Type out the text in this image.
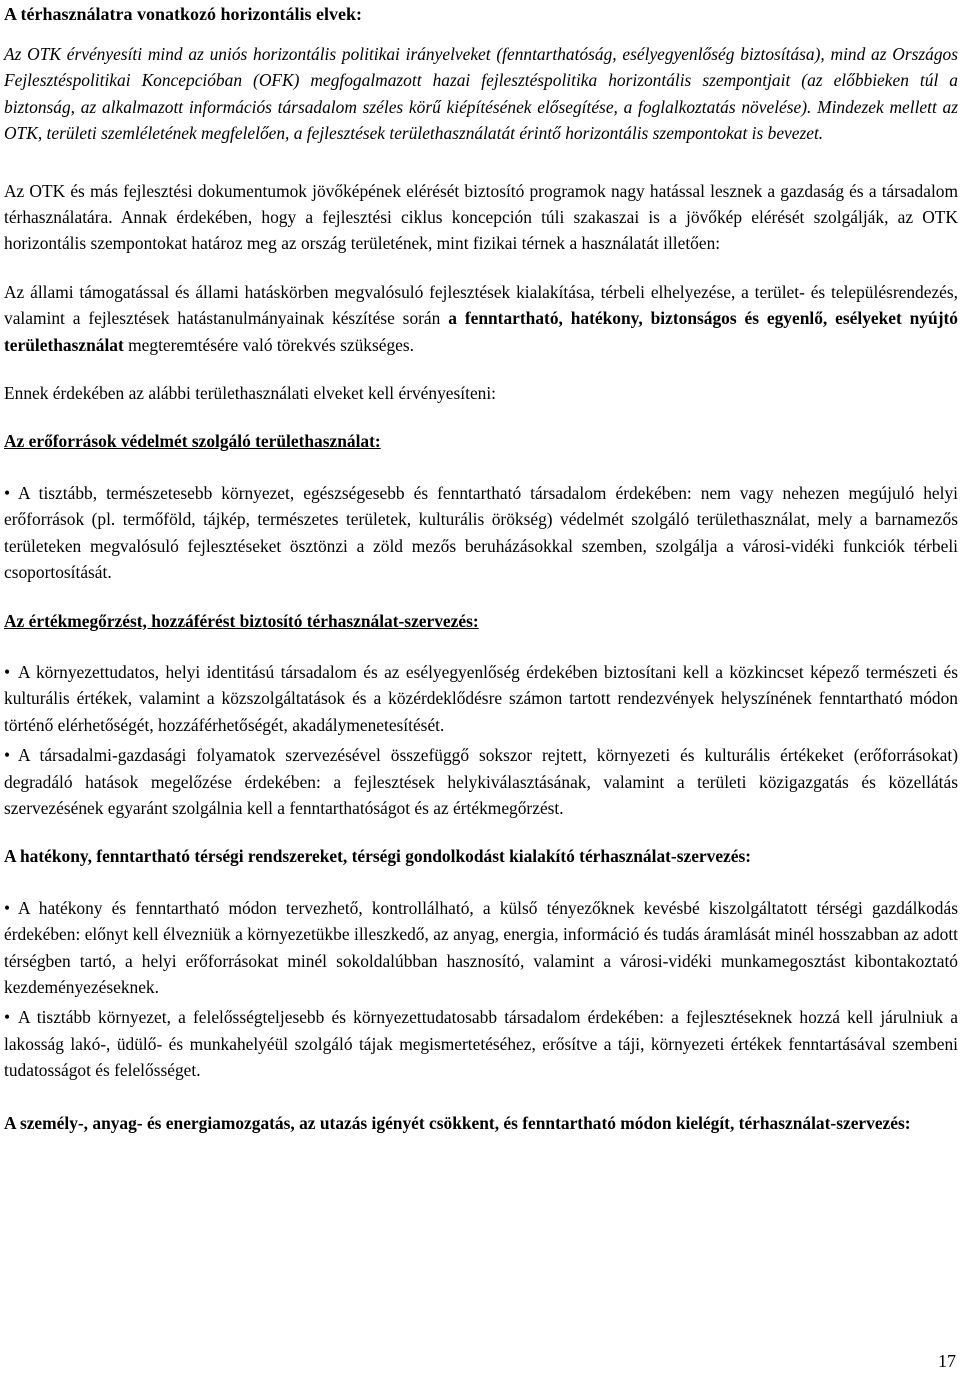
A térhasználatra vonatkozó horizontális elvek:

Az OTK érvényesíti mind az uniós horizontális politikai irányelveket (fenntarthatóság, esélyegyenlőség biztosítása), mind az Országos Fejlesztéspolitikai Koncepcióban (OFK) megfogalmazott hazai fejlesztéspolitika horizontális szempontjait (az előbbieken túl a biztonság, az alkalmazott információs társadalom széles körű kiépítésének elősegítése, a foglalkoztatás növelése). Mindezek mellett az OTK, területi szemléletének megfelelően, a fejlesztések területhasználatát érintő horizontális szempontokat is bevezet.

Az OTK és más fejlesztési dokumentumok jövőképének elérését biztosító programok nagy hatással lesznek a gazdaság és a társadalom térhasználatára. Annak érdekében, hogy a fejlesztési ciklus koncepción túli szakaszai is a jövőkép elérését szolgálják, az OTK horizontális szempontokat határoz meg az ország területének, mint fizikai térnek a használatát illetően:

Az állami támogatással és állami hatáskörben megvalósuló fejlesztések kialakítása, térbeli elhelyezése, a terület- és településrendezés, valamint a fejlesztések hatástanulmányainak készítése során a fenntartható, hatékony, biztonságos és egyenlő, esélyeket nyújtó területhasználat megteremtésére való törekvés szükséges.

Ennek érdekében az alábbi területhasználati elveket kell érvényesíteni:

Az erőforrások védelmét szolgáló területhasználat:

• A tisztább, természetesebb környezet, egészségesebb és fenntartható társadalom érdekében: nem vagy nehezen megújuló helyi erőforrások (pl. termőföld, tájkép, természetes területek, kulturális örökség) védelmét szolgáló területhasználat, mely a barnamezős területeken megvalósuló fejlesztéseket ösztönzi a zöld mezős beruházásokkal szemben, szolgálja a városi-vidéki funkciók térbeli csoportosítását.

Az értékmegőrzést, hozzáférést biztosító térhasználat-szervezés:

• A környezettudatos, helyi identitású társadalom és az esélyegyenlőség érdekében biztosítani kell a közkincset képező természeti és kulturális értékek, valamint a közszolgáltatások és a közérdeklődésre számon tartott rendezvények helyszínének fenntartható módon történő elérhetőségét, hozzáférhetőségét, akadálymenetesítését.

• A társadalmi-gazdasági folyamatok szervezésével összefüggő sokszor rejtett, környezeti és kulturális értékeket (erőforrásokat) degradáló hatások megelőzése érdekében: a fejlesztések helykiválasztásának, valamint a területi közigazgatás és közellátás szervezésének egyaránt szolgálnia kell a fenntarthatóságot és az értékmegőrzést.

A hatékony, fenntartható térségi rendszereket, térségi gondolkodást kialakító térhasználat-szervezés:

• A hatékony és fenntartható módon tervezhető, kontrollálható, a külső tényezőknek kevésbé kiszolgáltatott térségi gazdálkodás érdekében: előnyt kell élvezniük a környezetükbe illeszkedő, az anyag, energia, információ és tudás áramlását minél hosszabban az adott térségben tartó, a helyi erőforrásokat minél sokoldalúbban hasznosító, valamint a városi-vidéki munkamegosztást kibontakoztató kezdeményezéseknek.

• A tisztább környezet, a felelősségteljesebb és környezettudatosabb társadalom érdekében: a fejlesztéseknek hozzá kell járulniuk a lakosság lakó-, üdülő- és munkahelyéül szolgáló tájak megismertetéséhez, erősítve a táji, környezeti értékek fenntartásával szembeni tudatosságot és felelősséget.

A személy-, anyag- és energiamozgatás, az utazás igényét csökkent, és fenntartható módon kielégít, térhasználat-szervezés:

17
